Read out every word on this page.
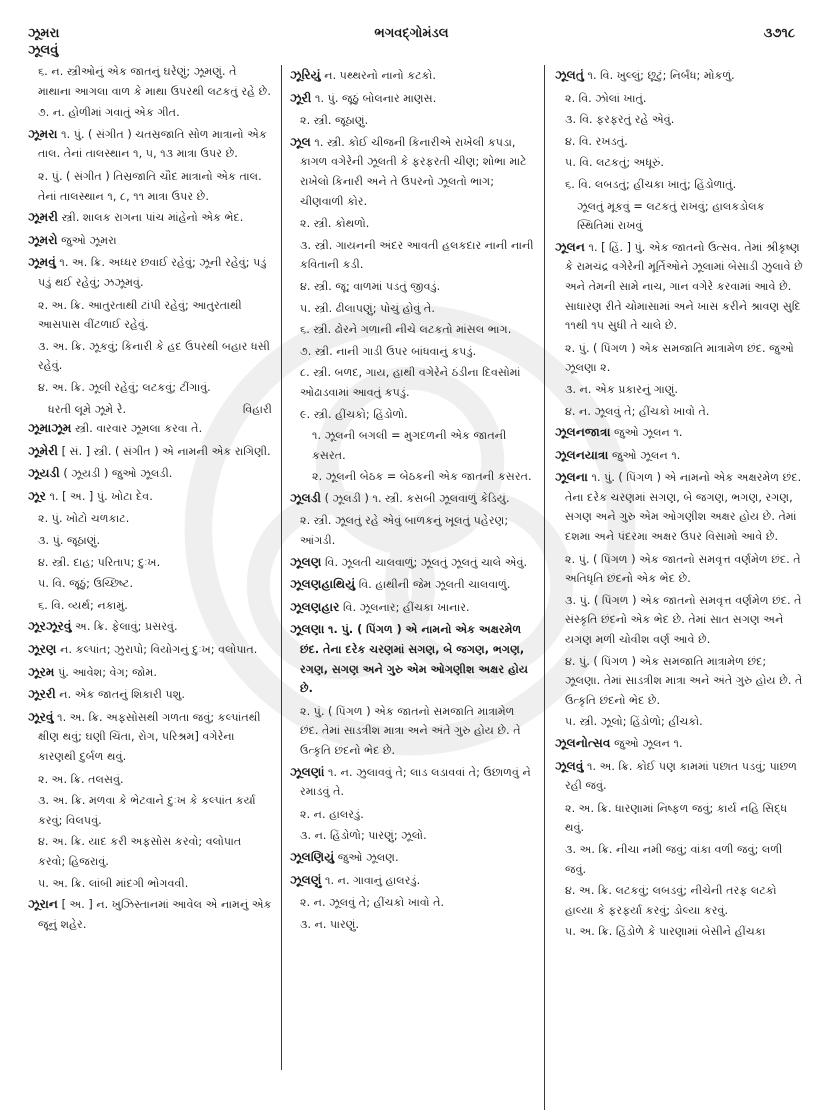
ઝૂમરા
ઝૂલવું
ભગવદ્ગોમંડલ	૩૭૧૮
૬. ન. સ્ત્રીઓનું એક જાતનું ઘરેણું; ઝૂમણું. તે માથાના આગલા વાળ કે માથા ઉપરથી લટકતું રહે છે.
૭. ન. હોળીમાં ગવાતું એક ગીત.
ઝૂમરા ૧. પું. ( સંગીત ) ચતસ્રજાતિ સોળ માત્રાનો એક તાલ. તેનાં તાલસ્થાન ૧, ૫, ૧૩ માત્રા ઉપર છે.
૨. પું. ( સંગીત ) તિસ્રજાતિ ચૌદ માત્રાનો એક તાલ. તેનાં તાલસ્થાન ૧, ૮, ૧૧ માત્રા ઉપર છે.
ઝૂમરી સ્ત્રી. શાલક રાગના પાંચ માંહેનો એક ભેદ.
ઝૂમરો જુઓ ઝૂમરા
ઝૂમવું ૧. અ. ક્રિ. અધ્ધર છવાઈ રહેવું; ઝૂની રહેવું; પડું પડું થઈ રહેવું; ઝઝૂમવું.
૨. અ. ક્રિ. આતુરતાથી ટાંપી રહેવું; આતુરતાથી આસપાસ વીંટળાઈ રહેવું.
૩. અ. ક્રિ. ઝૂકવું; કિનારી કે હદ ઉપરથી બહાર ધસી રહેવું.
૪. અ. ક્રિ. ઝૂલી રહેવું; લટકવું; ટીંગાવું.
ધરતી લૂમે ઝૂમે રે.	વિહારી
ઝૂમાઝૂમ સ્ત્રી. વારવાર ઝૂમલા કરવા તે.
ઝૂમેરી [ સં. ] સ્ત્રી. ( સંગીત ) એ નામની એક રાગિણી.
ઝૂયડી ( ઝૂયડી ) જુઓ ઝૂલડી.
ઝૂર ૧. [ અ. ] પું. ખોટા દેવ.
૨. પું. ખોટો ચળકાટ.
૩. પું. જૂઠાણું.
૪. સ્ત્રી. દાહ; પરિતાપ; દુઃખ.
૫. વિ. જૂઠું; ઉચ્છિષ્ટ.
૬. વિ. વ્યર્થ; નકામું.
ઝૂરઝૂરવું અ. ક્રિ. ફેલાવું; પ્રસરવું.
ઝૂરણ ન. કલ્પાંત; ઝુરાપો; વિયોગનું દુઃખ; વલોપાત.
ઝૂરમ પું. આવેશ; વેગ; જોમ.
ઝૂરરી ન. એક જાતનું શિકારી પશુ.
ઝૂરવું ૧. અ. ક્રિ. અફસોસથી ગળતા જવું; કલ્પાંતથી ક્ષીણ થવું; ઘણી ચિંતા, રોગ, પરિશ્રમ] વગેરેના કારણથી દુર્બળ થવું.
૨. અ. ક્રિ. તલસવું.
૩. અ. ક્રિ. મળવા કે ભેટવાને દુઃખ કે કલ્પાંત કર્યા કરવું; વિલપવું.
૪. અ. ક્રિ. યાદ કરી અફસોસ કરવો; વલોપાત કરવો; હિજરાવું.
૫. અ. ક્રિ. લાંબી માંદગી ભોગવવી.
ઝૂરાન [ અ. ] ન. ખુઝિસ્તાનમાં આવેલ એ નામનું એક જૂનું શહેર.
ઝૂરિયું ન. પથ્થરનો નાનો કટકો.
ઝૂરી ૧. પું. જૂઠું બોલનાર માણસ.
૨. સ્ત્રી. જૂઠાણું.
ઝૂલ ૧. સ્ત્રી. કોઈ ચીજની કિનારીએ રાખેલી કપડા, કાગળ વગેરેની ઝૂલતી કે ફરફરતી ચીણ; શોભા માટે રાખેલો કિનારી અને તે ઉપરનો ઝૂલતો ભાગ; ચીણવાળી કોર.
૨. સ્ત્રી. કોથળો.
૩. સ્ત્રી. ગાયનની અંદર આવતી હલકદાર નાની નાની કવિતાની કડી.
૪. સ્ત્રી. જૂ; વાળમાં પડતું જીવડું.
૫. સ્ત્રી. ઢીલાપણું; પોચું હોવું તે.
૬. સ્ત્રી. ઢોરને ગળાની નીચે લટકતો માંસલ ભાગ.
૭. સ્ત્રી. નાની ગાડી ઉપર બાંધવાનું કપડું.
૮. સ્ત્રી. બળદ, ગાય, હાથી વગેરેને ઠંડીના દિવસોમાં ઓઢાડવામાં આવતું કપડું.
૯. સ્ત્રી. હીંચકો; હિંડોળો.
૧. ઝૂલની બગલી = મુગદળની એક જાતની કસરત.
૨. ઝૂલની બેઠક = બેઠકની એક જાતની કસરત.
ઝૂલડી ( ઝૂલડી ) ૧. સ્ત્રી. કસબી ઝૂલવાળું કેડિયું.
૨. સ્ત્રી. ઝૂલતું રહે એવું બાળકનું ખૂલતું પહેરણ; આંગડી.
ઝૂલણ વિ. ઝૂલતી ચાલવાળું; ઝૂલતું ઝૂલતું ચાલે એવું.
ઝૂલણહાથિયું વિ. હાથીની જેમ ઝૂલતી ચાલવાળું.
ઝૂલણહાર વિ. ઝૂલનાર; હીંચકા ખાનાર.
ઝૂલણા ૧. પું. ( પિંગળ ) એ નામનો એક અક્ષરમેળ છંદ. તેના દરેક ચરણમાં સગણ, બે જગણ, ભગણ, રગણ, સગણ અને ગુરુ એમ ઓગણીશ અક્ષર હોય છે.
૨. પું. ( પિંગળ ) એક જાતનો સમજાતિ માત્રામેળ છંદ. તેમાં સાડત્રીશ માત્રા અને અંતે ગુરુ હોય છે. તે ઉત્કૃતિ છંદનો ભેદ છે.
ઝૂલણાં ૧. ન. ઝુલાવવું તે; લાડ લડાવવાં તે; ઉછાળવું ને રમાડવું તે.
૨. ન. હાલરડું.
૩. ન. હિંડોળો; પારણું; ઝૂલો.
ઝૂલણિયું જુઓ ઝૂલણ.
ઝૂલણું ૧. ન. ગાવાનું હાલરડું.
૨. ન. ઝૂલવું તે; હીંચકો ખાવો તે.
૩. ન. પારણું.
ઝૂલતું ૧. વિ. ખુલ્લું; છૂટું; નિર્બંધ; મોકળું.
૨. વિ. ઝોલાં ખાતું.
૩. વિ. ફરફરતું રહે એવું.
૪. વિ. રખડતું.
૫. વિ. લટકતું; અધૂરું.
૬. વિ. લબડતું; હીંચકા ખાતું; હિંડોળાતું.
ઝૂલતું મૂકવું = લટકતું રાખવું; હાલકડોલક સ્થિતિમાં રાખવું
ઝૂલન ૧. [ હિં. ] પું. એક જાતનો ઉત્સવ. તેમાં શ્રીકૃષ્ણ કે રામચંદ્ર વગેરેની મૂર્તિઓને ઝૂલામાં બેસાડી ઝુલાવે છે અને તેમની સામે નાચ, ગાન વગેરે કરવામાં આવે છે. સાધારણ રીતે ચોમાસામાં અને ખાસ કરીને શ્રાવણ સુદિ ૧૧થી ૧૫ સુધી તે ચાલે છે.
૨. પું. ( પિંગળ ) એક સમજાતિ માત્રામેળ છંદ. જુઓ ઝૂલણા ૨.
૩. ન. એક પ્રકારનું ગાણું.
૪. ન. ઝૂલવું તે; હીંચકો ખાવો તે.
ઝૂલનજાત્રા જુઓ ઝૂલન ૧.
ઝૂલનયાત્રા જુઓ ઝૂલન ૧.
ઝૂલના ૧. પું. ( પિંગળ ) એ નામનો એક અક્ષરમેળ છંદ. તેના દરેક ચરણમાં સગણ, બે જગણ, ભગણ, રગણ, સગણ અને ગુરુ એમ ઓગણીશ અક્ષર હોય છે. તેમાં દશમા અને પંદરમા અક્ષર ઉપર વિસામો આવે છે.
૨. પું. ( પિંગળ ) એક જાતનો સમવૃત્ત વર્ણમેળ છંદ. તે અતિધૃતિ છંદનો એક ભેદ છે.
૩. પું. ( પિંગળ ) એક જાતનો સમવૃત્ત વર્ણમેળ છંદ. તે સંસ્કૃતિ છંદનો એક ભેદ છે. તેમાં સાત સગણ અને યગણ મળી ચોવીશ વર્ણ આવે છે.
૪. પું. ( પિંગળ ) એક સમજાતિ માત્રામેળ છંદ; ઝૂલણા. તેમાં સાડત્રીશ માત્રા અને અંતે ગુરુ હોય છે. તે ઉત્કૃતિ છંદનો ભેદ છે.
૫. સ્ત્રી. ઝૂલો; હિંડોળો; હીંચકો.
ઝૂલનોત્સવ જુઓ ઝૂલન ૧.
ઝૂલવું ૧. અ. ક્રિ. કોઈ પણ કામમાં પછાત પડવું; પાછળ રહી જવું.
૨. અ. ક્રિ. ધારણામાં નિષ્ફળ જવું; કાર્ય નહિ સિદ્ધ થવું.
૩. અ. ક્રિ. નીચા નમી જવું; વાંકા વળી જવું; લળી જવું.
૪. અ. ક્રિ. લટકવું; લબડવું; નીચેની તરફ લટકો હાલ્યા કે ફરફર્યા કરવું; ડોલ્યા કરવું.
૫. અ. ક્રિ. હિંડોળે કે પારણામાં બેસીને હીંચકા
